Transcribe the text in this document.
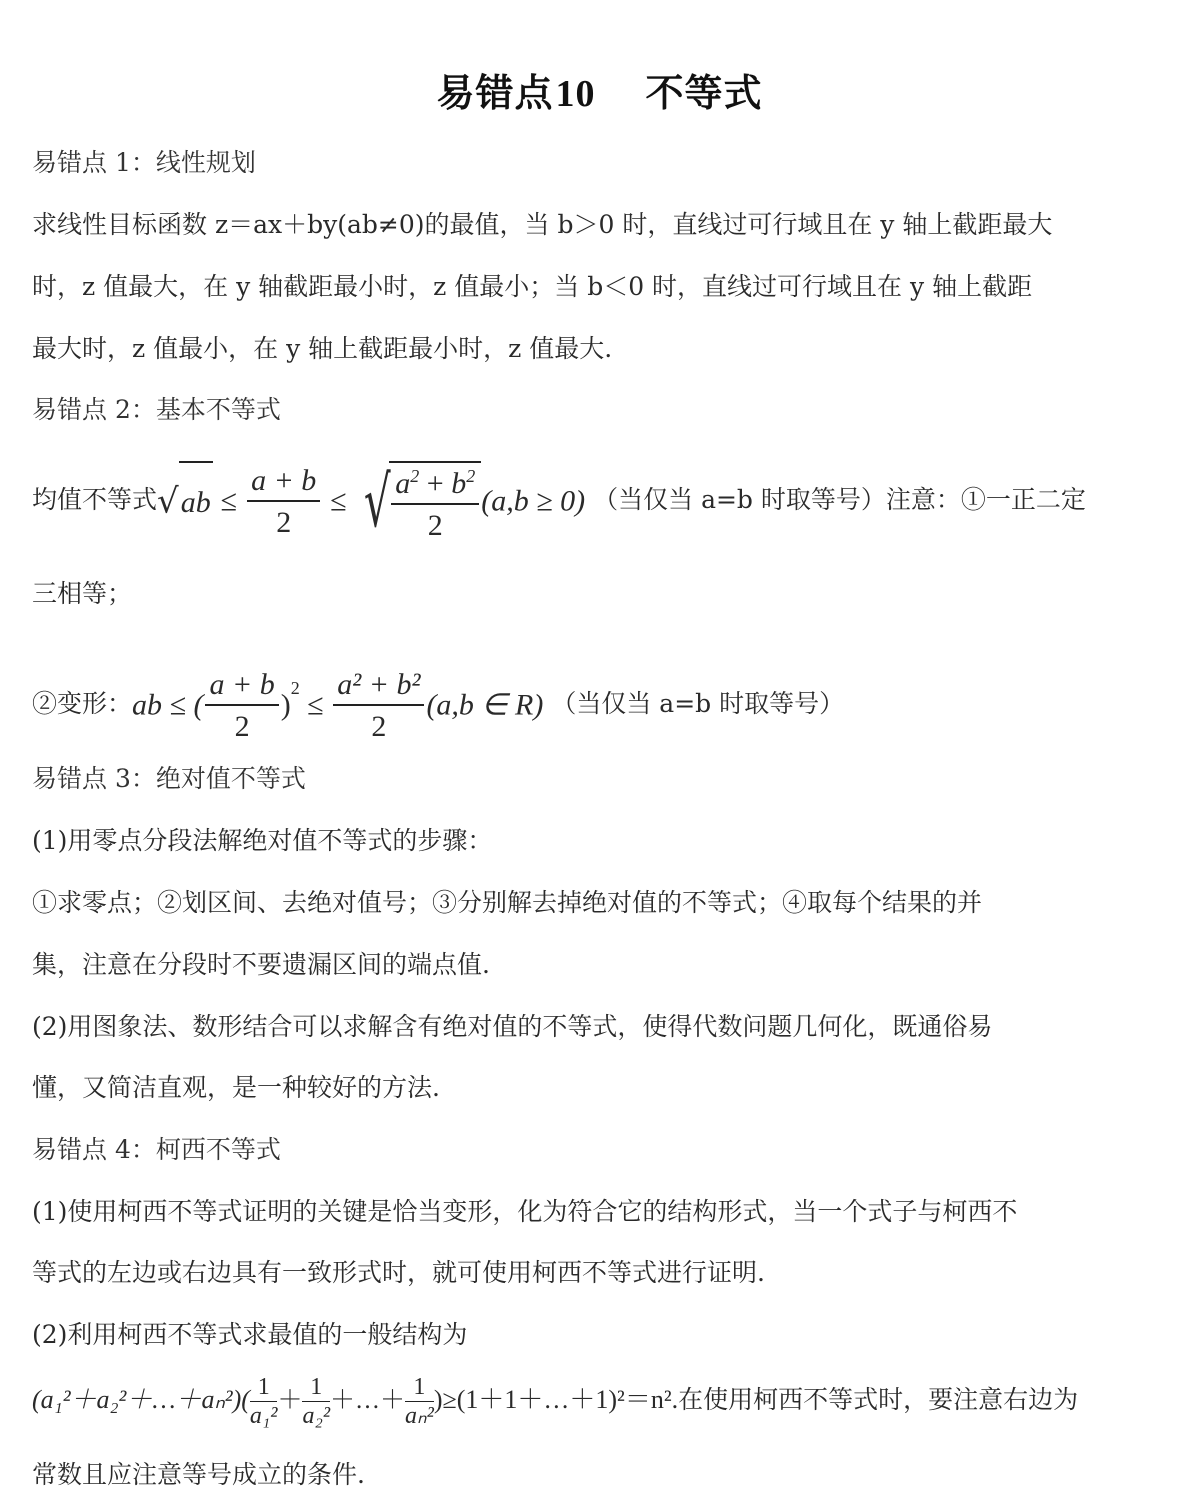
易错点10 不等式
易错点 1：线性规划
求线性目标函数 z＝ax＋by(ab≠0)的最值，当 b＞0 时，直线过可行域且在 y 轴上截距最大
时，z 值最大，在 y 轴截距最小时，z 值最小；当 b＜0 时，直线过可行域且在 y 轴上截距
最大时，z 值最小，在 y 轴上截距最小时，z 值最大.
易错点 2：基本不等式
均值不等式$√ab \le \frac{a + b}{2}$ ≤ √ $\frac{a^2 + b^2}{2} (a,b \ge 0)$ （当仅当 a=b 时取等号）注意：①一正二定
三相等；
②变形：ab ≤ ( $\frac{a + b}{2} )^2 \le \frac{\text{a² + b²}}{2} (a,b$ ∈ R) （当仅当 a=b 时取等号）
易错点 3：绝对值不等式
(1)用零点分段法解绝对值不等式的步骤：
①求零点；②划区间、去绝对值号；③分别解去掉绝对值的不等式；④取每个结果的并
集，注意在分段时不要遗漏区间的端点值.
(2)用图象法、数形结合可以求解含有绝对值的不等式，使得代数问题几何化，既通俗易
懂，又简洁直观，是一种较好的方法.
易错点 4：柯西不等式
(1)使用柯西不等式证明的关键是恰当变形，化为符合它的结构形式，当一个式子与柯西不
等式的左边或右边具有一致形式时，就可使用柯西不等式进行证明.
(2)利用柯西不等式求最值的一般结构为
(a₁²＋a₂²＋…＋aₙ²)( $\frac{1}{\text{a₁²}} + \frac{1}{\text{a₂²}}$ ＋…＋ $\frac{1}{\text{aₙ²}}$ )≥(1＋1＋…＋1)²＝n².在使用柯西不等式时，要注意右边为
常数且应注意等号成立的条件.
